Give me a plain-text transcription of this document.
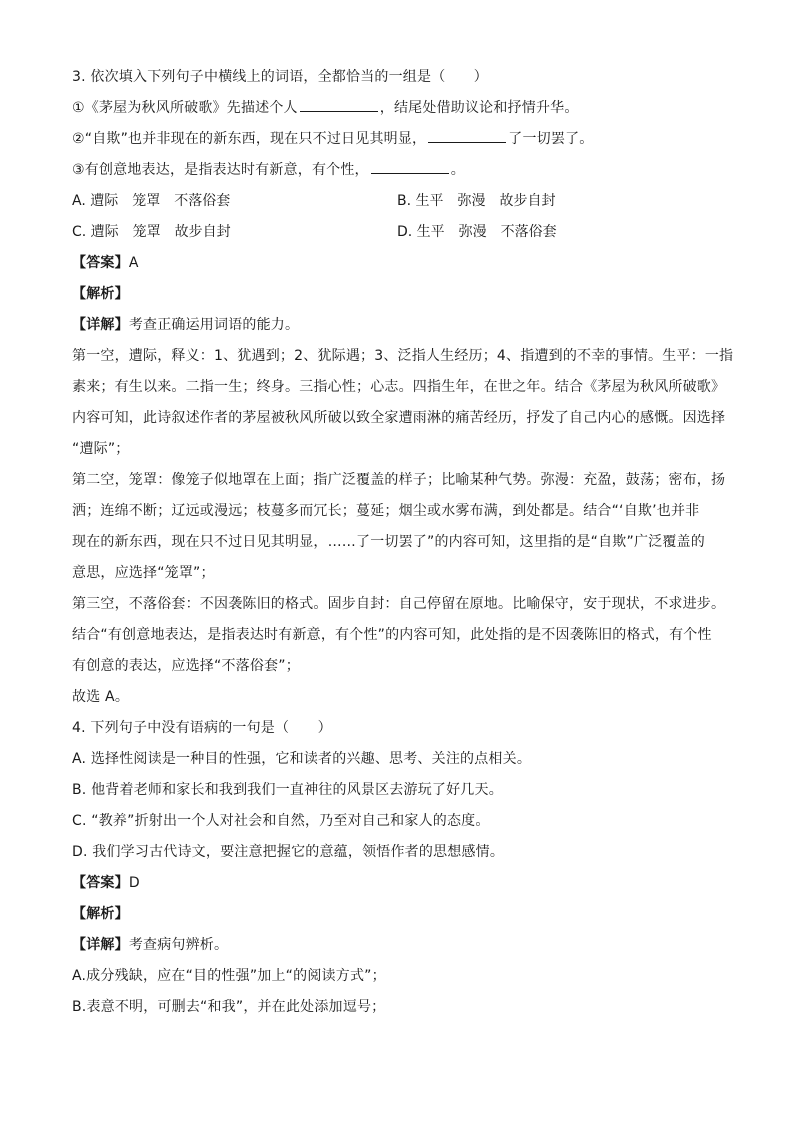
3. 依次填入下列句子中横线上的词语，全都恰当的一组是（　　）
①《茅屋为秋风所破歌》先描述个人	，结尾处借助议论和抒情升华。
②“自欺”也并非现在的新东西，现在只不过日见其明显，	了一切罢了。
③有创意地表达，是指表达时有新意，有个性，	。
A. 遭际　笼罩　不落俗套	B. 生平　弥漫　故步自封
C. 遭际　笼罩　故步自封	D. 生平　弥漫　不落俗套
【答案】A
【解析】
【详解】考查正确运用词语的能力。
第一空，遭际，释义：1、犹遇到；2、犹际遇；3、泛指人生经历；4、指遭到的不幸的事情。生平：一指
素来；有生以来。二指一生；终身。三指心性；心志。四指生年，在世之年。结合《茅屋为秋风所破歌》
内容可知，此诗叙述作者的茅屋被秋风所破以致全家遭雨淋的痛苦经历，抒发了自己内心的感慨。因选择
“遭际”；
第二空，笼罩：像笼子似地罩在上面；指广泛覆盖的样子；比喻某种气势。弥漫：充盈，鼓荡；密布，扬
洒；连绵不断；辽远或漫远；枝蔓多而冗长；蔓延；烟尘或水雾布满，到处都是。结合“‘自欺’也并非
现在的新东西，现在只不过日见其明显，……了一切罢了”的内容可知，这里指的是“自欺”广泛覆盖的
意思，应选择“笼罩”；
第三空，不落俗套：不因袭陈旧的格式。固步自封：自己停留在原地。比喻保守，安于现状，不求进步。
结合“有创意地表达，是指表达时有新意，有个性”的内容可知，此处指的是不因袭陈旧的格式，有个性
有创意的表达，应选择“不落俗套”；
故选 A。
4. 下列句子中没有语病的一句是（　　）
A. 选择性阅读是一种目的性强，它和读者的兴趣、思考、关注的点相关。
B. 他背着老师和家长和我到我们一直神往的风景区去游玩了好几天。
C. “教养”折射出一个人对社会和自然，乃至对自己和家人的态度。
D. 我们学习古代诗文，要注意把握它的意蕴，领悟作者的思想感情。
【答案】D
【解析】
【详解】考查病句辨析。
A.成分残缺，应在“目的性强”加上“的阅读方式”；
B.表意不明，可删去“和我”，并在此处添加逗号；
